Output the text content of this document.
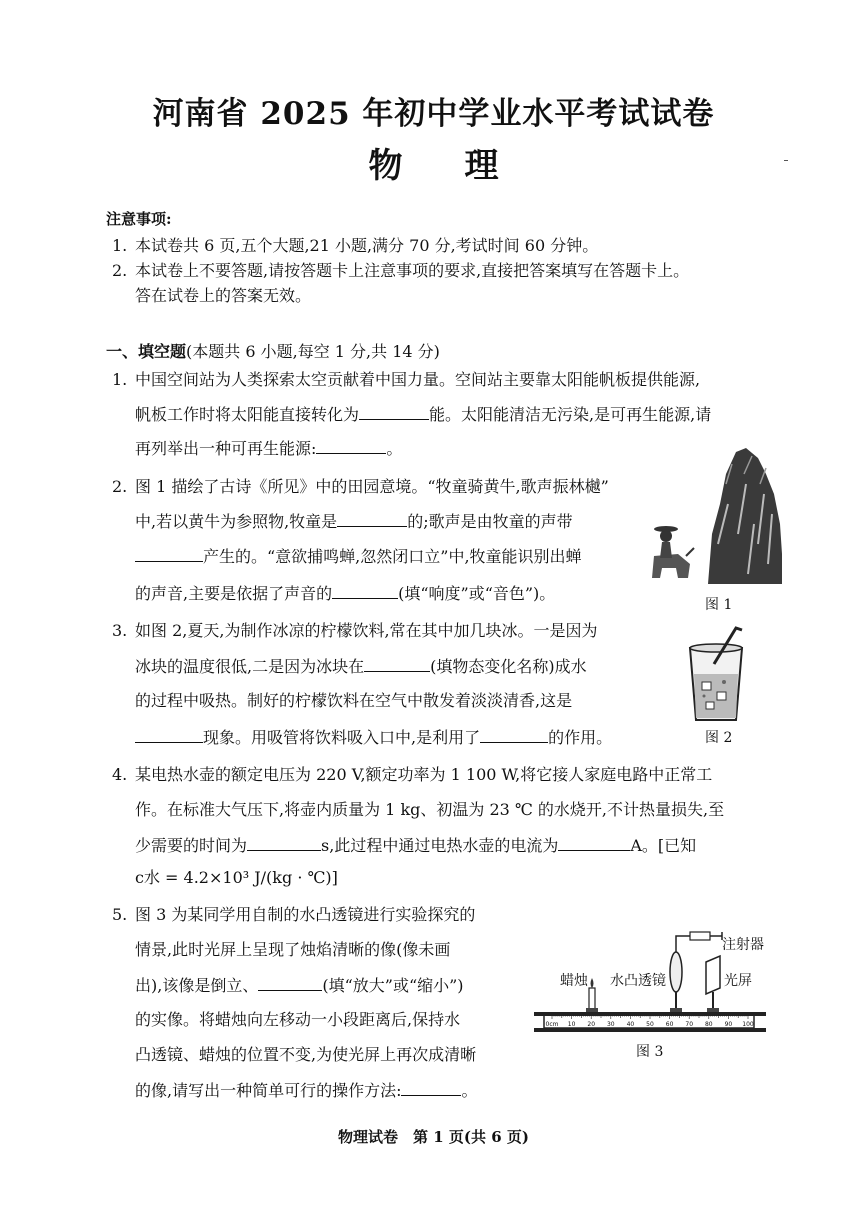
河南省 2025 年初中学业水平考试试卷
物理
注意事项:
1. 本试卷共 6 页,五个大题,21 小题,满分 70 分,考试时间 60 分钟。
2. 本试卷上不要答题,请按答题卡上注意事项的要求,直接把答案填写在答题卡上。
答在试卷上的答案无效。
一、填空题(本题共 6 小题,每空 1 分,共 14 分)
1. 中国空间站为人类探索太空贡献着中国力量。空间站主要靠太阳能帆板提供能源,
帆板工作时将太阳能直接转化为	能。太阳能清洁无污染,是可再生能源,请
再列举出一种可再生能源:	。
2. 图 1 描绘了古诗《所见》中的田园意境。“牧童骑黄牛,歌声振林樾”
中,若以黄牛为参照物,牧童是	的;歌声是由牧童的声带
产生的。“意欲捕鸣蝉,忽然闭口立”中,牧童能识别出蝉
的声音,主要是依据了声音的	(填“响度”或“音色”)。
图 1
3. 如图 2,夏天,为制作冰凉的柠檬饮料,常在其中加几块冰。一是因为
冰块的温度很低,二是因为冰块在	(填物态变化名称)成水
的过程中吸热。制好的柠檬饮料在空气中散发着淡淡清香,这是
现象。用吸管将饮料吸入口中,是利用了	的作用。	图 2
4. 某电热水壶的额定电压为 220 V,额定功率为 1 100 W,将它接人家庭电路中正常工
作。在标准大气压下,将壶内质量为 1 kg、初温为 23 ℃ 的水烧开,不计热量损失,至
少需要的时间为	s,此过程中通过电热水壶的电流为	A。[已知
c水 = 4.2×10³ J/(kg · ℃)]
5. 图 3 为某同学用自制的水凸透镜进行实验探究的
情景,此时光屏上呈现了烛焰清晰的像(像未画
出),该像是倒立、	(填“放大”或“缩小”)
的实像。将蜡烛向左移动一小段距离后,保持水
凸透镜、蜡烛的位置不变,为使光屏上再次成清晰
的像,请写出一种简单可行的操作方法:	。
0cm 10 20 30 40 50 60 70 80 90 100
注射器
蜡烛 水凸透镜	光屏
图 3
物理试卷　第 1 页(共 6 页)
